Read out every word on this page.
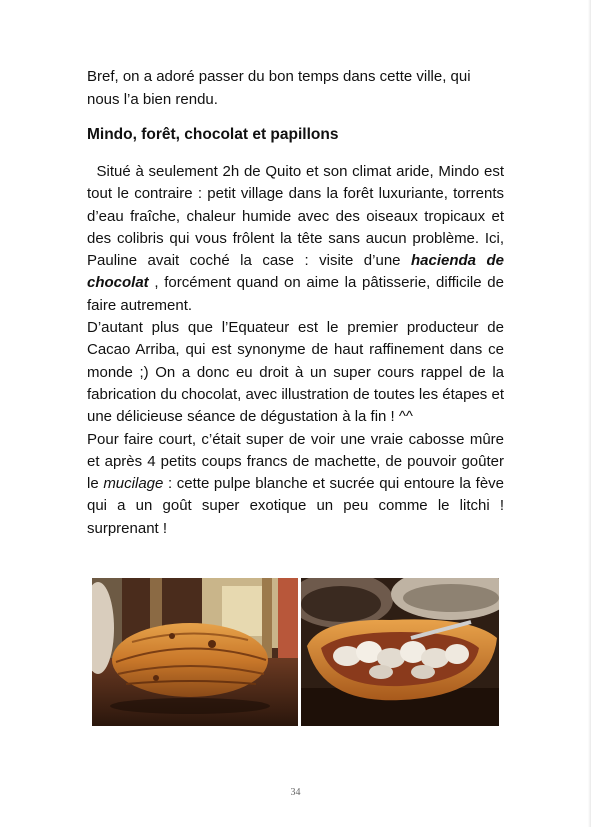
Bref, on a adoré passer du bon temps dans cette ville, qui nous l’a bien rendu.
Mindo, forêt, chocolat et papillons

Situé à seulement 2h de Quito et son climat aride, Mindo est tout le contraire : petit village dans la forêt luxuriante, torrents d’eau fraîche, chaleur humide avec des oiseaux tropicaux et des colibris qui vous frôlent la tête sans aucun problème. Ici, Pauline avait coché la case : visite d’une hacienda de chocolat , forcément quand on aime la pâtisserie, difficile de faire autrement.

D’autant plus que l’Equateur est le premier producteur de Cacao Arriba, qui est synonyme de haut raffinement dans ce monde ;) On a donc eu droit à un super cours rappel de la fabrication du chocolat, avec illustration de toutes les étapes et une délicieuse séance de dégustation à la fin ! ^^

Pour faire court, c’était super de voir une vraie cabosse mûre et après 4 petits coups francs de machette, de pouvoir goûter le mucilage : cette pulpe blanche et sucrée qui entoure la fève qui a un goût super exotique un peu comme le litchi ! surprenant !

34
